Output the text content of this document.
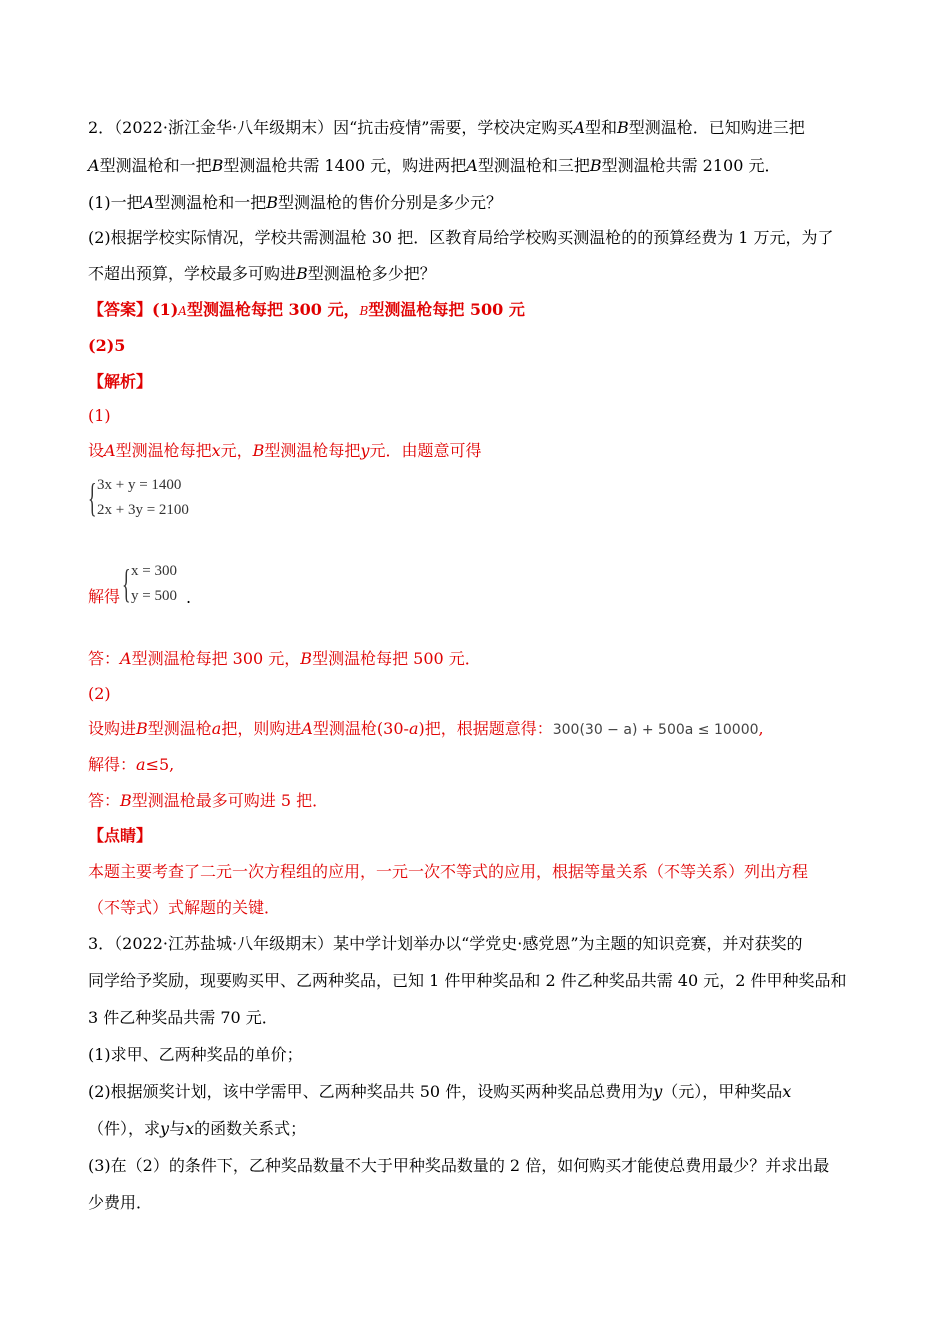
2．（2022·浙江金华·八年级期末）因“抗击疫情”需要，学校决定购买A型和B型测温枪．已知购进三把
A型测温枪和一把B型测温枪共需 1400 元，购进两把A型测温枪和三把B型测温枪共需 2100 元．
(1)一把A型测温枪和一把B型测温枪的售价分别是多少元？
(2)根据学校实际情况，学校共需测温枪 30 把．区教育局给学校购买测温枪的的预算经费为 1 万元，为了
不超出预算，学校最多可购进B型测温枪多少把？
【答案】(1)A型测温枪每把 300 元，B型测温枪每把 500 元
(2)5
【解析】
(1)
设A型测温枪每把x元，B型测温枪每把y元．由题意可得
{ 3x + y = 1400
2x + 3y = 2100
解得 { x = 300
y = 500 .
答：A型测温枪每把 300 元，B型测温枪每把 500 元．
(2)
设购进B型测温枪a把，则购进A型测温枪(30-a)把，根据题意得：300(30 − a) + 500a ≤ 10000,
解得：a≤5,
答：B型测温枪最多可购进 5 把．
【点睛】
本题主要考查了二元一次方程组的应用，一元一次不等式的应用，根据等量关系（不等关系）列出方程
（不等式）式解题的关键．
3．（2022·江苏盐城·八年级期末）某中学计划举办以“学党史·感党恩”为主题的知识竞赛，并对获奖的
同学给予奖励，现要购买甲、乙两种奖品，已知 1 件甲种奖品和 2 件乙种奖品共需 40 元，2 件甲种奖品和
3 件乙种奖品共需 70 元．
(1)求甲、乙两种奖品的单价；
(2)根据颁奖计划，该中学需甲、乙两种奖品共 50 件，设购买两种奖品总费用为y（元），甲种奖品x
（件），求y与x的函数关系式；
(3)在（2）的条件下，乙种奖品数量不大于甲种奖品数量的 2 倍，如何购买才能使总费用最少？并求出最
少费用．
